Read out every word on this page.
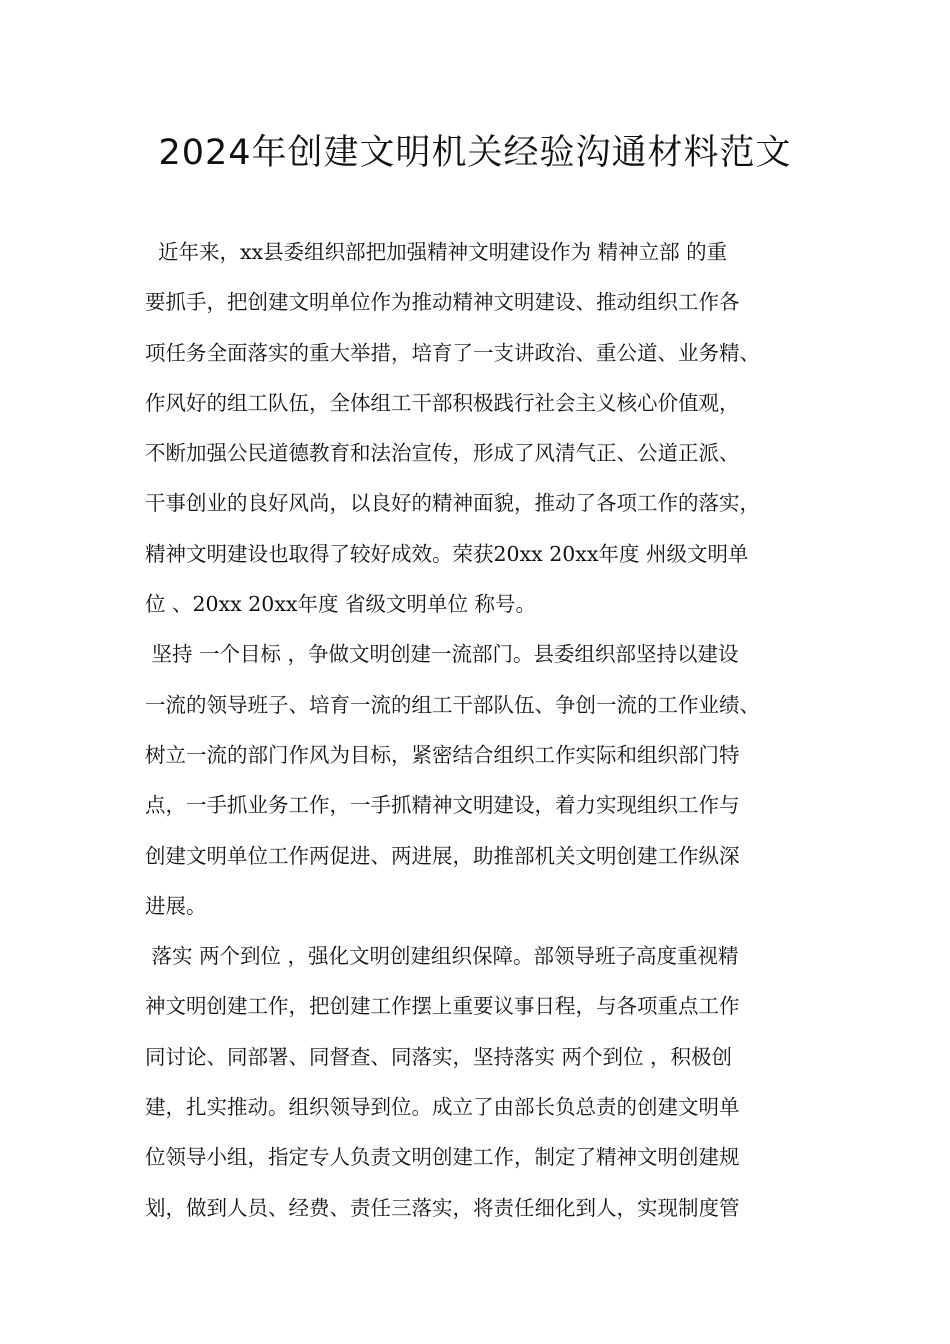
2024年创建文明机关经验沟通材料范文
近年来，xx县委组织部把加强精神文明建设作为 精神立部 的重
要抓手，把创建文明单位作为推动精神文明建设、推动组织工作各
项任务全面落实的重大举措，培育了一支讲政治、重公道、业务精、
作风好的组工队伍，全体组工干部积极践行社会主义核心价值观，
不断加强公民道德教育和法治宣传，形成了风清气正、公道正派、
干事创业的良好风尚，以良好的精神面貌，推动了各项工作的落实，
精神文明建设也取得了较好成效。荣获20xx 20xx年度 州级文明单
位 、20xx 20xx年度 省级文明单位 称号。
坚持 一个目标 ，争做文明创建一流部门。县委组织部坚持以建设
一流的领导班子、培育一流的组工干部队伍、争创一流的工作业绩、
树立一流的部门作风为目标，紧密结合组织工作实际和组织部门特
点，一手抓业务工作，一手抓精神文明建设，着力实现组织工作与
创建文明单位工作两促进、两进展，助推部机关文明创建工作纵深
进展。
落实 两个到位 ，强化文明创建组织保障。部领导班子高度重视精
神文明创建工作，把创建工作摆上重要议事日程，与各项重点工作
同讨论、同部署、同督查、同落实，坚持落实 两个到位 ，积极创
建，扎实推动。组织领导到位。成立了由部长负总责的创建文明单
位领导小组，指定专人负责文明创建工作，制定了精神文明创建规
划，做到人员、经费、责任三落实，将责任细化到人，实现制度管
